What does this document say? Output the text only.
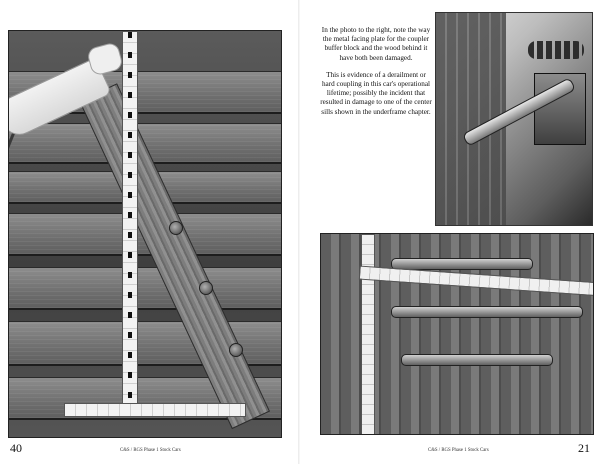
40	C&S / RGS Phase 1 Stock Cars

In the photo to the right, note the way the metal facing plate for the coupler buffer block and the wood behind it have both been damaged.

This is evidence of a derailment or hard coupling in this car's operational lifetime; possibly the incident that resulted in damage to one of the center sills shown in the underframe chapter.

C&S / RGS Phase 1 Stock Cars	21
